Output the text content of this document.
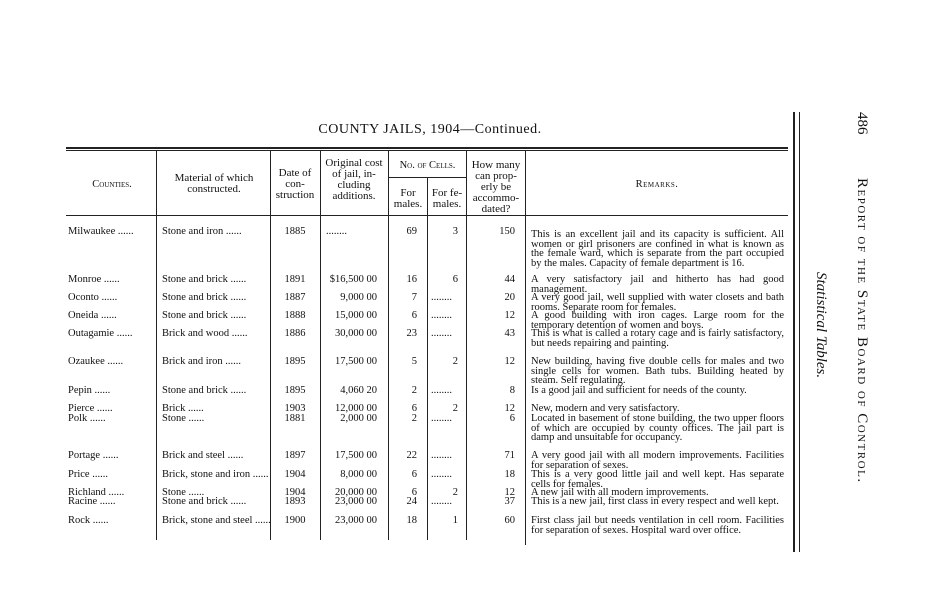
COUNTY JAILS, 1904—Continued.
Counties.
Material of which constructed.
Date of con- struction
Original cost of jail, in- cluding additions.
No. of Cells.
For males.
For fe- males.
How many can prop- erly be accommo- dated?
Remarks.
Milwaukee ......	Stone and iron ......	1885	........	69	3	150 This is an excellent jail and its capacity is sufficient. All women or girl prisoners are confined in what is known as the female ward, which is separate from the part occupied by the males. Capacity of female department is 16.
Monroe ......	Stone and brick ......	1891	$16,500 00	16	6	44 A very satisfactory jail and hitherto has had good management.
Oconto ......	Stone and brick ......	1887	9,000 00	7 ........	20 A very good jail, well supplied with water closets and bath rooms. Separate room for females.
Oneida ......	Stone and brick ......	1888	15,000 00	6 ........	12 A good building with iron cages. Large room for the temporary detention of women and boys.
Outagamie ......	Brick and wood ......	1886	30,000 00	23 ........	43 This is what is called a rotary cage and is fairly satisfactory, but needs repairing and painting.
Ozaukee ......	Brick and iron ......	1895	17,500 00	5	2	12 New building, having five double cells for males and two single cells for women. Bath tubs. Building heated by steam. Self regulating.
Pepin ......	Stone and brick ......	1895	4,060 20	2 ........	8 Is a good jail and sufficient for needs of the county.
Pierce ......	Brick ......	1903	12,000 00	6	2	12 New, modern and very satisfactory.
Polk ......	Stone ......	1881	2,000 00	2 ........	6 Located in basement of stone building, the two upper floors of which are occupied by county offices. The jail part is damp and unsuitable for occupancy.
Portage ......	Brick and steel ......	1897	17,500 00	22 ........	71 A very good jail with all modern improvements. Facilities for separation of sexes.
Price ......	Brick, stone and iron ......	1904	8,000 00	6 ........	18 This is a very good little jail and well kept. Has separate cells for females.
Richland ......	Stone ......	1904	20,000 00	6	2	12 A new jail with all modern improvements.
Racine ......	Stone and brick ......	1893	23,000 00	24 ........	37 This is a new jail, first class in every respect and well kept.
Rock ......	Brick, stone and steel ......	1900	23,000 00	18	1	60 First class jail but needs ventilation in cell room. Facilities for separation of sexes. Hospital ward over office.
486
Report of the State Board of Control.
Statistical Tables.
